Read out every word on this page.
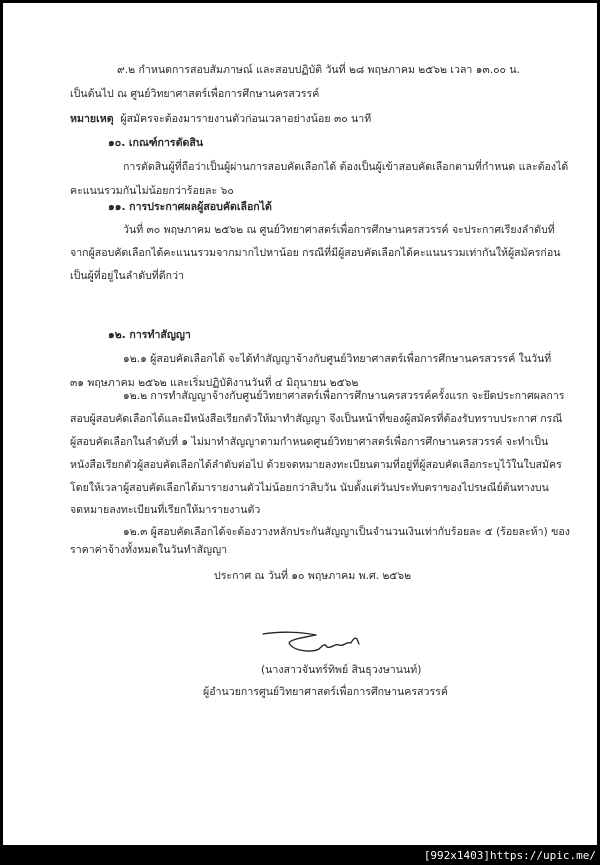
๙.๒ กำหนดการสอบสัมภาษณ์ และสอบปฏิบัติ วันที่ ๒๘ พฤษภาคม ๒๕๖๒ เวลา ๑๓.๐๐ น.
เป็นต้นไป ณ ศูนย์วิทยาศาสตร์เพื่อการศึกษานครสวรรค์
หมายเหตุ ผู้สมัครจะต้องมารายงานตัวก่อนเวลาอย่างน้อย ๓๐ นาที
๑๐. เกณฑ์การตัดสิน
การตัดสินผู้ที่ถือว่าเป็นผู้ผ่านการสอบคัดเลือกได้ ต้องเป็นผู้เข้าสอบคัดเลือกตามที่กำหนด และต้องได้
คะแนนรวมกันไม่น้อยกว่าร้อยละ ๖๐
๑๑. การประกาศผลผู้สอบคัดเลือกได้
วันที่ ๓๐ พฤษภาคม ๒๕๖๒ ณ ศูนย์วิทยาศาสตร์เพื่อการศึกษานครสวรรค์ จะประกาศเรียงลำดับที่
จากผู้สอบคัดเลือกได้คะแนนรวมจากมากไปหาน้อย กรณีที่มีผู้สอบคัดเลือกได้คะแนนรวมเท่ากันให้ผู้สมัครก่อน
เป็นผู้ที่อยู่ในลำดับที่ดีกว่า
๑๒. การทำสัญญา
๑๒.๑ ผู้สอบคัดเลือกได้ จะได้ทำสัญญาจ้างกับศูนย์วิทยาศาสตร์เพื่อการศึกษานครสวรรค์ ในวันที่
๓๑ พฤษภาคม ๒๕๖๒ และเริ่มปฏิบัติงานวันที่ ๔ มิถุนายน ๒๕๖๒
๑๒.๒ การทำสัญญาจ้างกับศูนย์วิทยาศาสตร์เพื่อการศึกษานครสวรรค์ครั้งแรก จะยึดประกาศผลการ
สอบผู้สอบคัดเลือกได้และมีหนังสือเรียกตัวให้มาทำสัญญา จึงเป็นหน้าที่ของผู้สมัครที่ต้องรับทราบประกาศ กรณี
ผู้สอบคัดเลือกในลำดับที่ ๑ ไม่มาทำสัญญาตามกำหนดศูนย์วิทยาศาสตร์เพื่อการศึกษานครสวรรค์ จะทำเป็น
หนังสือเรียกตัวผู้สอบคัดเลือกได้ลำดับต่อไป ด้วยจดหมายลงทะเบียนตามที่อยู่ที่ผู้สอบคัดเลือกระบุไว้ในใบสมัคร
โดยให้เวลาผู้สอบคัดเลือกได้มารายงานตัวไม่น้อยกว่าสิบวัน นับตั้งแต่วันประทับตราของไปรษณีย์ต้นทางบน
จดหมายลงทะเบียนที่เรียกให้มารายงานตัว
๑๒.๓ ผู้สอบคัดเลือกได้จะต้องวางหลักประกันสัญญาเป็นจำนวนเงินเท่ากับร้อยละ ๕ (ร้อยละห้า) ของ
ราคาค่าจ้างทั้งหมดในวันทำสัญญา
ประกาศ ณ วันที่ ๑๐ พฤษภาคม พ.ศ. ๒๕๖๒
(นางสาวจันทร์ทิพย์ สินธุวงษานนท์)
ผู้อำนวยการศูนย์วิทยาศาสตร์เพื่อการศึกษานครสวรรค์
[992x1403]https://upic.me/
